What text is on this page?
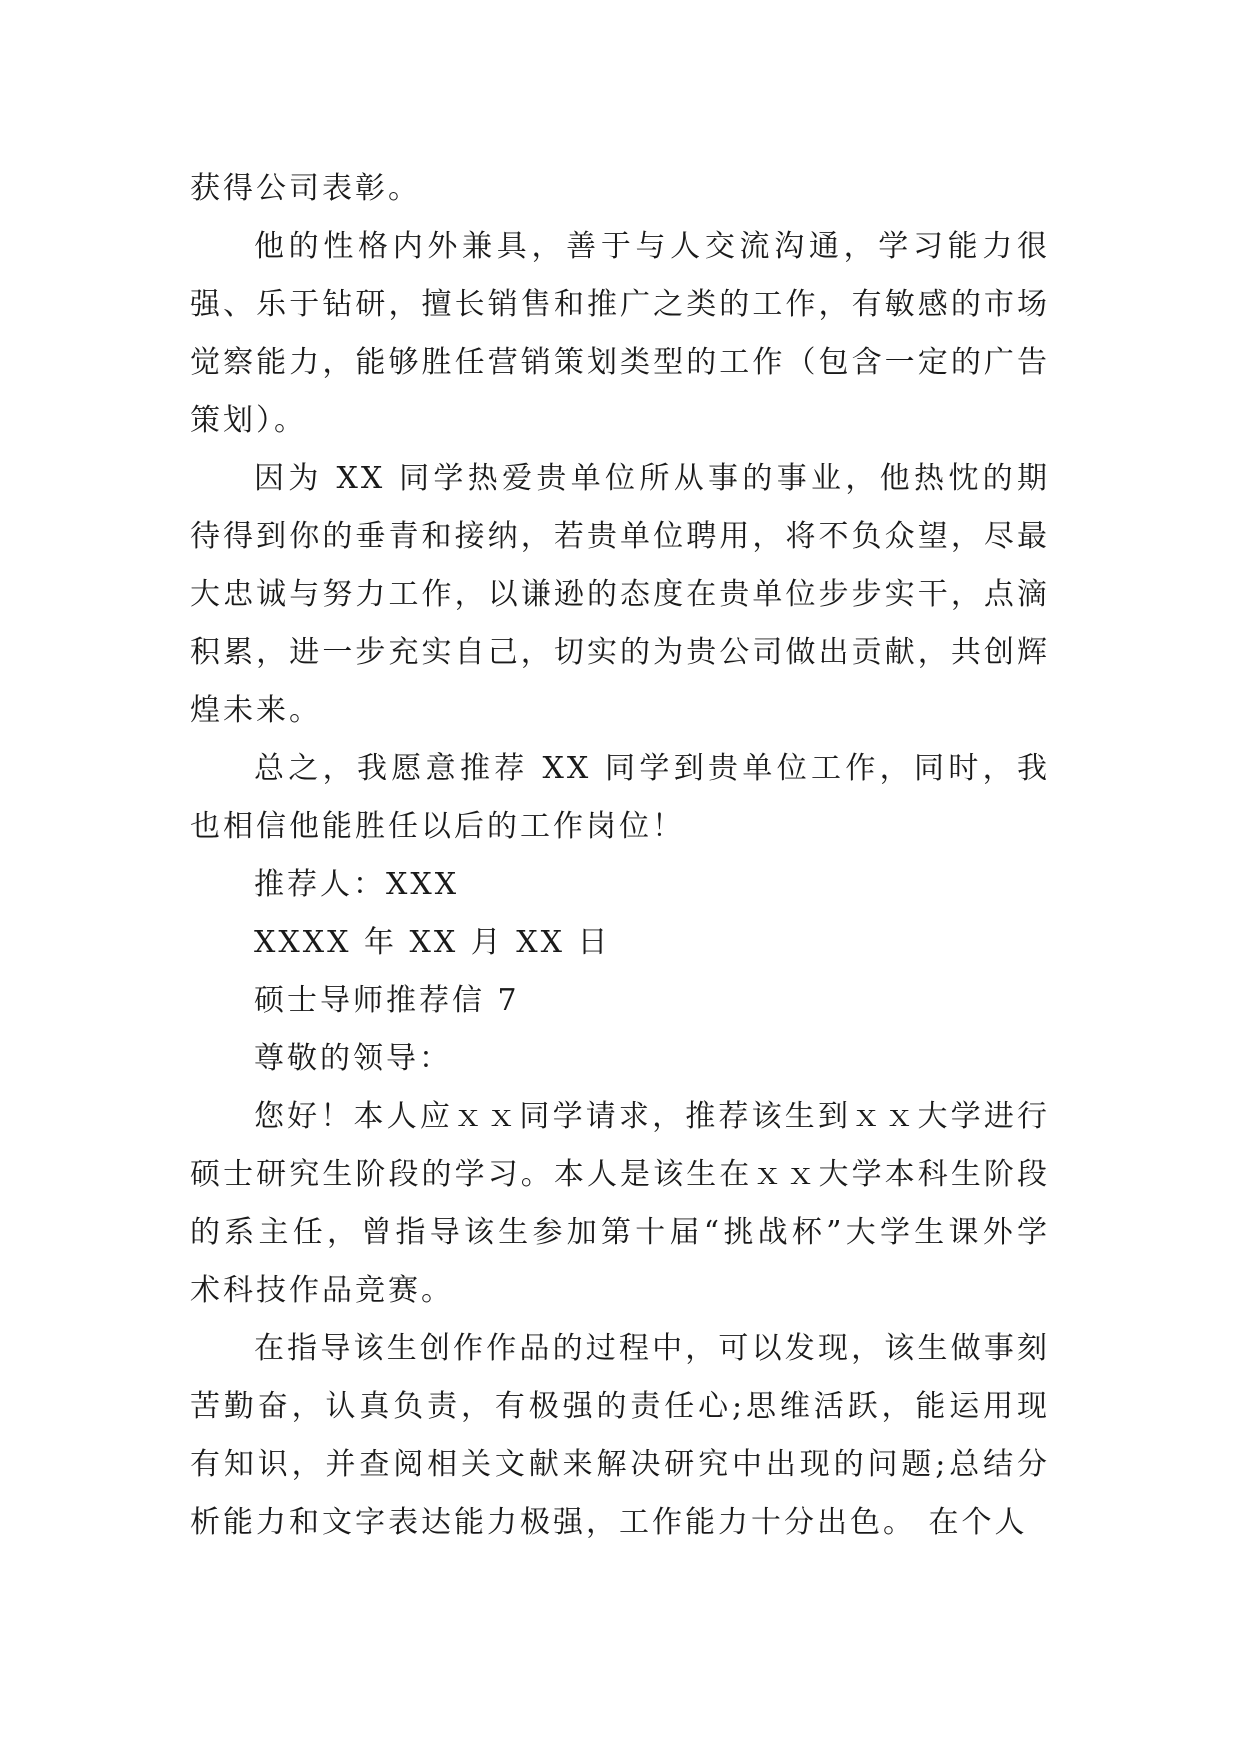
获得公司表彰。

他的性格内外兼具，善于与人交流沟通，学习能力很强、乐于钻研，擅长销售和推广之类的工作，有敏感的市场觉察能力，能够胜任营销策划类型的工作（包含一定的广告策划）。

因为 XX 同学热爱贵单位所从事的事业，他热忱的期待得到你的垂青和接纳，若贵单位聘用，将不负众望，尽最大忠诚与努力工作，以谦逊的态度在贵单位步步实干，点滴积累，进一步充实自己，切实的为贵公司做出贡献，共创辉煌未来。

总之，我愿意推荐 XX 同学到贵单位工作，同时，我也相信他能胜任以后的工作岗位！

推荐人：XXX

XXXX 年 XX 月 XX 日

硕士导师推荐信 7

尊敬的领导：

您好！本人应ｘｘ同学请求，推荐该生到ｘｘ大学进行硕士研究生阶段的学习。本人是该生在ｘｘ大学本科生阶段的系主任，曾指导该生参加第十届“挑战杯”大学生课外学术科技作品竞赛。

在指导该生创作作品的过程中，可以发现，该生做事刻苦勤奋，认真负责，有极强的责任心;思维活跃，能运用现有知识，并查阅相关文献来解决研究中出现的问题;总结分析能力和文字表达能力极强，工作能力十分出色。 在个人
